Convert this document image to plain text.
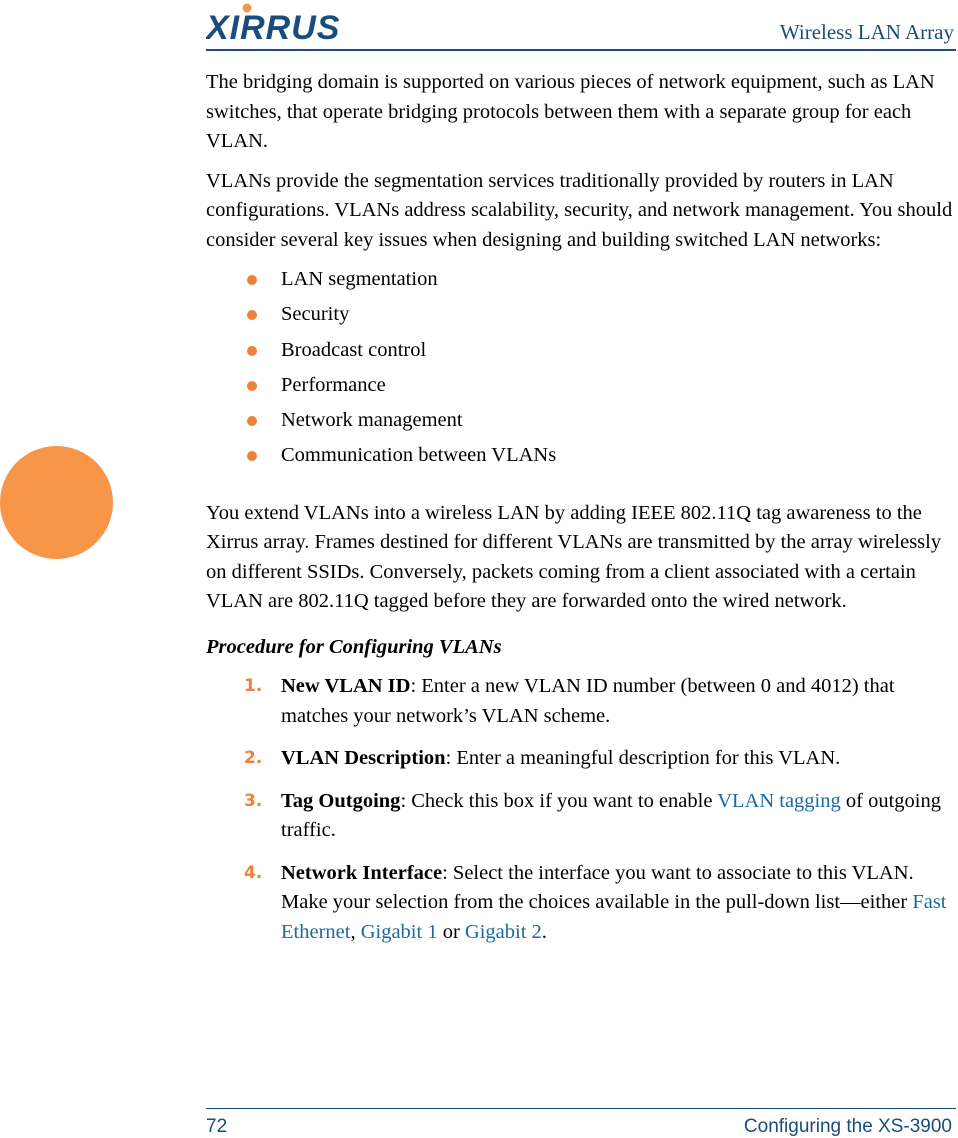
XIRRUS	Wireless LAN Array

The bridging domain is supported on various pieces of network equipment, such as LAN switches, that operate bridging protocols between them with a separate group for each VLAN.

VLANs provide the segmentation services traditionally provided by routers in LAN configurations. VLANs address scalability, security, and network management. You should consider several key issues when designing and building switched LAN networks:

LAN segmentation
Security
Broadcast control
Performance
Network management
Communication between VLANs

You extend VLANs into a wireless LAN by adding IEEE 802.11Q tag awareness to the Xirrus array. Frames destined for different VLANs are transmitted by the array wirelessly on different SSIDs. Conversely, packets coming from a client associated with a certain VLAN are 802.11Q tagged before they are forwarded onto the wired network.

Procedure for Configuring VLANs
1. New VLAN ID: Enter a new VLAN ID number (between 0 and 4012) that matches your network’s VLAN scheme.
2. VLAN Description: Enter a meaningful description for this VLAN.
3. Tag Outgoing: Check this box if you want to enable VLAN tagging of outgoing traffic.
4. Network Interface: Select the interface you want to associate to this VLAN. Make your selection from the choices available in the pull-down list—either Fast Ethernet, Gigabit 1 or Gigabit 2.
72	Configuring the XS-3900
